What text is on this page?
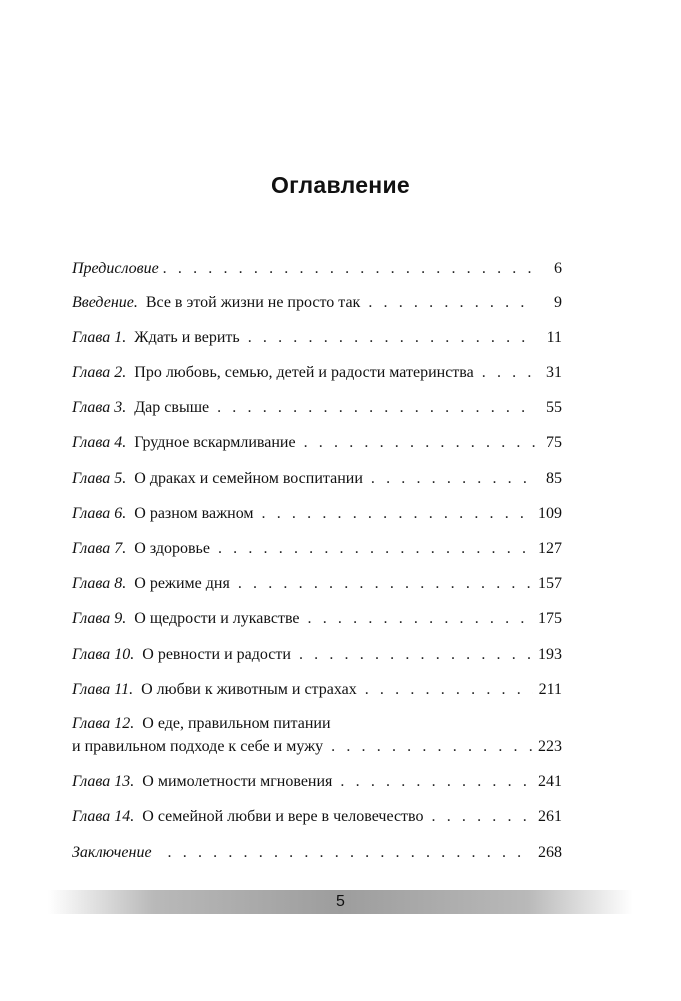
Оглавление
Предисловие . . .	6
Введение. Все в этой жизни не просто так . . .	9
Глава 1. Ждать и верить . . .	11
Глава 2. Про любовь, семью, детей и радости материнства . . .	31
Глава 3. Дар свыше . . .	55
Глава 4. Грудное вскармливание . . .	75
Глава 5. О драках и семейном воспитании . . .	85
Глава 6. О разном важном . . .	109
Глава 7. О здоровье . . .	127
Глава 8. О режиме дня . . .	157
Глава 9. О щедрости и лукавстве . . .	175
Глава 10. О ревности и радости . . .	193
Глава 11. О любви к животным и страхах . . .	211
Глава 12. О еде, правильном питании
и правильном подходе к себе и мужу . . .	223
Глава 13. О мимолетности мгновения . . .	241
Глава 14. О семейной любви и вере в человечество . . .	261
Заключение . . .	268
5
